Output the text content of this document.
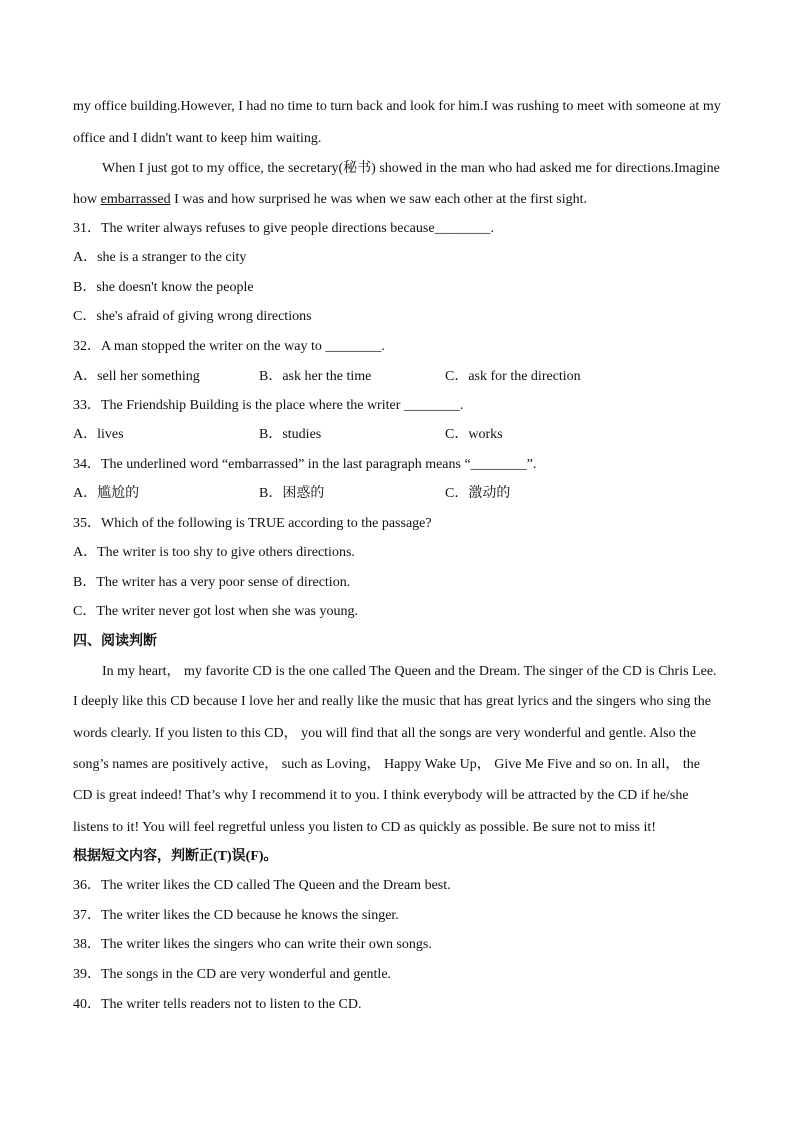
my office building.However, I had no time to turn back and look for him.I was rushing to meet with someone at my
office and I didn't want to keep him waiting.
When I just got to my office, the secretary(秘书) showed in the man who had asked me for directions.Imagine
how embarrassed I was and how surprised he was when we saw each other at the first sight.
31．The writer always refuses to give people directions because________.
A．she is a stranger to the city
B．she doesn't know the people
C．she's afraid of giving wrong directions
32．A man stopped the writer on the way to ________.
A．sell her something	B．ask her the time	C．ask for the direction
33．The Friendship Building is the place where the writer ________.
A．lives	B．studies	C．works
34．The underlined word “embarrassed” in the last paragraph means “________”.
A．尴尬的	B．困惑的	C．激动的
35．Which of the following is TRUE according to the passage?
A．The writer is too shy to give others directions.
B．The writer has a very poor sense of direction.
C．The writer never got lost when she was young.
四、阅读判断
In my heart， my favorite CD is the one called The Queen and the Dream. The singer of the CD is Chris Lee.
I deeply like this CD because I love her and really like the music that has great lyrics and the singers who sing the
words clearly. If you listen to this CD， you will find that all the songs are very wonderful and gentle. Also the
song’s names are positively active， such as Loving， Happy Wake Up， Give Me Five and so on. In all， the
CD is great indeed! That’s why I recommend it to you. I think everybody will be attracted by the CD if he/she
listens to it! You will feel regretful unless you listen to CD as quickly as possible. Be sure not to miss it!
根据短文内容，判断正(T)误(F)。
36．The writer likes the CD called The Queen and the Dream best.
37．The writer likes the CD because he knows the singer.
38．The writer likes the singers who can write their own songs.
39．The songs in the CD are very wonderful and gentle.
40．The writer tells readers not to listen to the CD.
